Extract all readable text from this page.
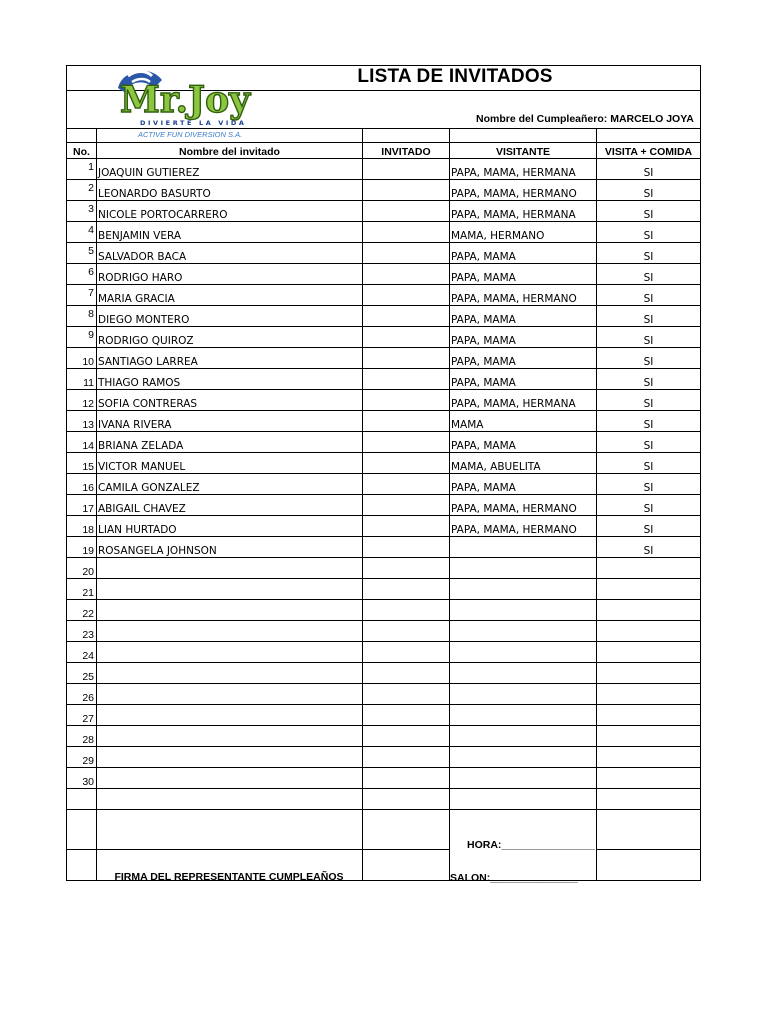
No.	Nombre del invitado	INVITADO	VISITANTE	VISITA + COMIDA
1	JOAQUIN GUTIEREZ		PAPA, MAMA, HERMANA	SI
2	LEONARDO BASURTO		PAPA, MAMA, HERMANO	SI
3	NICOLE PORTOCARRERO		PAPA, MAMA, HERMANA	SI
4	BENJAMIN VERA		MAMA, HERMANO	SI
5	SALVADOR BACA		PAPA, MAMA	SI
6	RODRIGO HARO		PAPA, MAMA	SI
7	MARIA GRACIA		PAPA, MAMA, HERMANO	SI
8	DIEGO MONTERO		PAPA, MAMA	SI
9	RODRIGO QUIROZ		PAPA, MAMA	SI
10	SANTIAGO LARREA		PAPA, MAMA	SI
11	THIAGO RAMOS		PAPA, MAMA	SI
12	SOFIA CONTRERAS		PAPA, MAMA, HERMANA	SI
13	IVANA RIVERA		MAMA	SI
14	BRIANA ZELADA		PAPA, MAMA	SI
15	VICTOR MANUEL		MAMA, ABUELITA	SI
16	CAMILA GONZALEZ		PAPA, MAMA	SI
17	ABIGAIL CHAVEZ		PAPA, MAMA, HERMANO	SI
18	LIAN HURTADO		PAPA, MAMA, HERMANO	SI
19	ROSANGELA JOHNSON			SI
20				
21				
22				
23				
24				
25				
26				
27				
28				
29				
30				

LISTA DE INVITADOS
Nombre del Cumpleañero: MARCELO JOYA
Mr.Joy
DIVIERTE LA VIDA
ACTIVE FUN DIVERSION S.A.
FIRMA DEL REPRESENTANTE CUMPLEAÑOS
HORA:________________
SALON:_______________
